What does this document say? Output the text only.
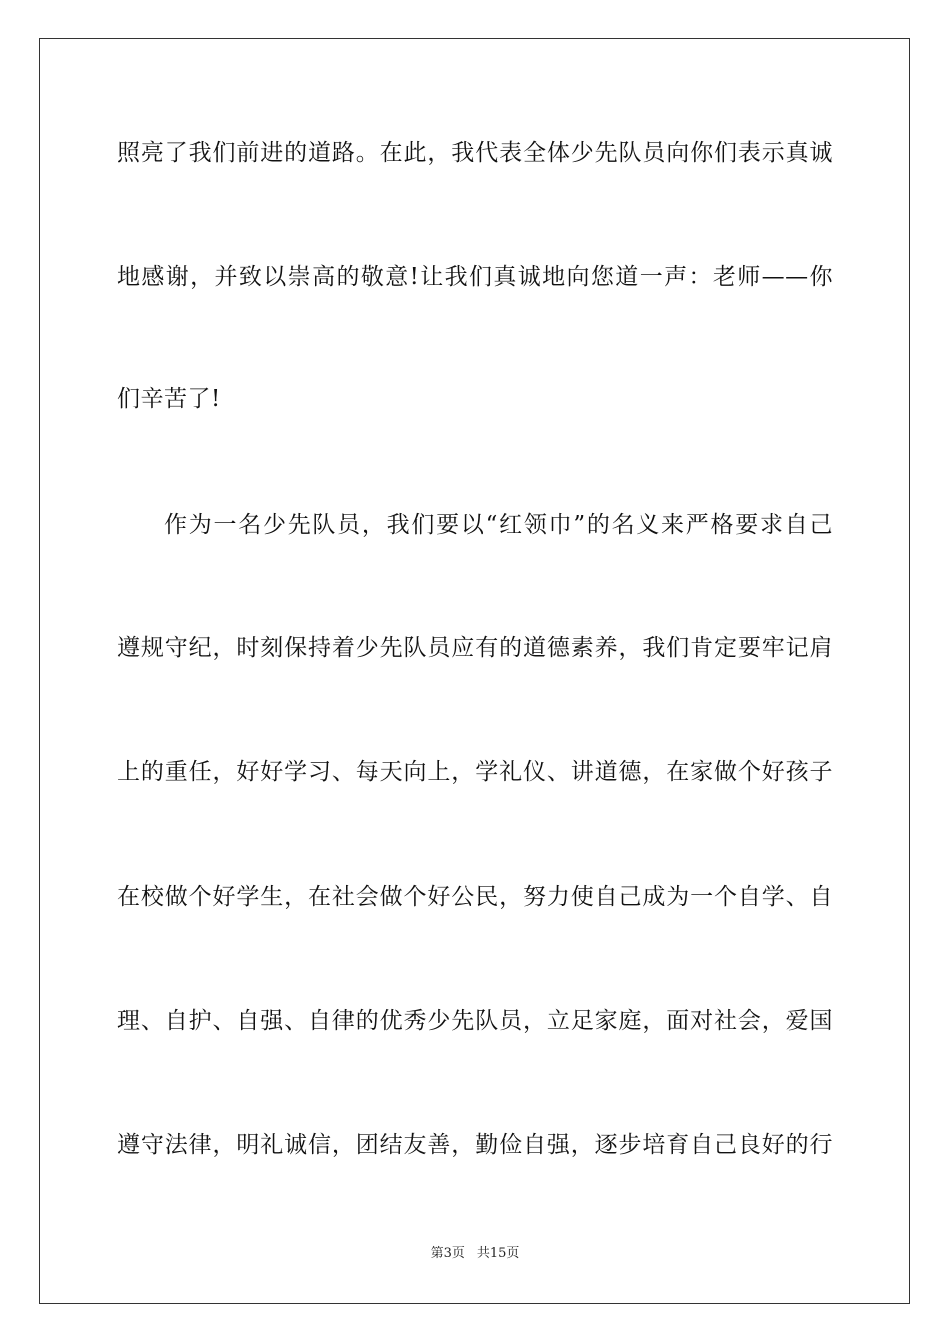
照亮了我们前进的道路。在此，我代表全体少先队员向你们表示真诚
地感谢，并致以崇高的敬意!让我们真诚地向您道一声：老师——你
们辛苦了!
作为一名少先队员，我们要以“红领巾”的名义来严格要求自己
遵规守纪，时刻保持着少先队员应有的道德素养，我们肯定要牢记肩
上的重任，好好学习、每天向上，学礼仪、讲道德，在家做个好孩子
在校做个好学生，在社会做个好公民，努力使自己成为一个自学、自
理、自护、自强、自律的优秀少先队员，立足家庭，面对社会，爱国
遵守法律，明礼诚信，团结友善，勤俭自强，逐步培育自己良好的行
第3页 共15页
